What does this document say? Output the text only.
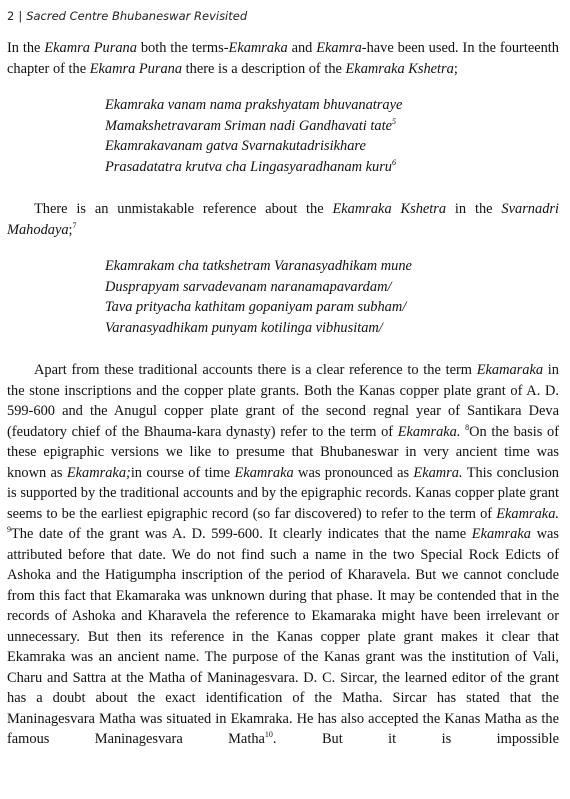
2 | Sacred Centre Bhubaneswar Revisited

In the Ekamra Purana both the terms-Ekamraka and Ekamra-have been used. In the fourteenth chapter of the Ekamra Purana there is a description of the Ekamraka Kshetra;

Ekamraka vanam nama prakshyatam bhuvanatraye
Mamakshetravaram Sriman nadi Gandhavati tate$^5$
Ekamrakavanam gatva Svarnakutadrisikhare
Prasadatatra krutva cha Lingasyaradhanam kuru$^6$

There is an unmistakable reference about the Ekamraka Kshetra in the Svarnadri Mahodaya;$^7$

Ekamrakam cha tatkshetram Varanasyadhikam mune
Dusprapyam sarvadevanam naranamapavardam/
Tava prityacha kathitam gopaniyam param subham/
Varanasyadhikam punyam kotilinga vibhusitam/

Apart from these traditional accounts there is a clear reference to the term Ekamaraka in the stone inscriptions and the copper plate grants. Both the Kanas copper plate grant of A. D. 599-600 and the Anugul copper plate grant of the second regnal year of Santikara Deva (feudatory chief of the Bhauma-kara dynasty) refer to the term of Ekamraka. $^8$On the basis of these epigraphic versions we like to presume that Bhubaneswar in very ancient time was known as Ekamraka;in course of time Ekamraka was pronounced as Ekamra. This conclusion is supported by the traditional accounts and by the epigraphic records. Kanas copper plate grant seems to be the earliest epigraphic record (so far discovered) to refer to the term of Ekamraka. $^9$The date of the grant was A. D. 599-600. It clearly indicates that the name Ekamraka was attributed before that date. We do not find such a name in the two Special Rock Edicts of Ashoka and the Hatigumpha inscription of the period of Kharavela. But we cannot conclude from this fact that Ekamaraka was unknown during that phase. It may be contended that in the records of Ashoka and Kharavela the reference to Ekamaraka might have been irrelevant or unnecessary. But then its reference in the Kanas copper plate grant makes it clear that Ekamraka was an ancient name. The purpose of the Kanas grant was the institution of Vali, Charu and Sattra at the Matha of Maninagesvara. D. C. Sircar, the learned editor of the grant has a doubt about the exact identification of the Matha. Sircar has stated that the Maninagesvara Matha was situated in Ekamraka. He has also accepted the Kanas Matha as the famous Maninagesvara Matha$^{10}$. But it is impossible
